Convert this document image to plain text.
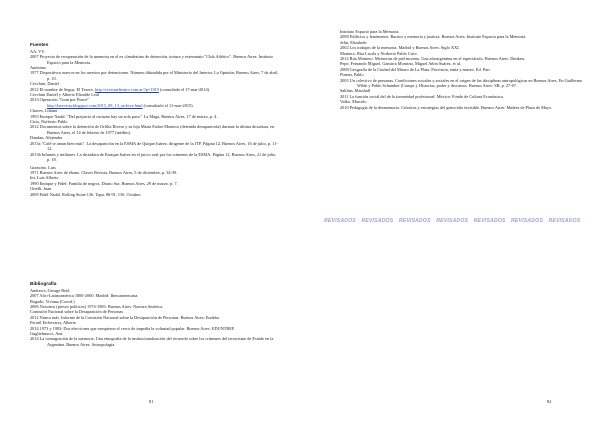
Fuentes
AA. VV.
2007 Proyecto de recuperación de la memoria en el ex clandestino de detención, tortura y exterminio "Club Atlético". Buenos Aires: Instituto Espacio para la Memoria.
Anónimo
1977 Dispositivos nuevos en los arrestos por detenciones. Número difundida por el Ministerio del Interior. La Opinión, Buenos Aires, 7 de abril, p. 10.
Cecchini, Daniel
2012 El nombre de Segua. El Tesoro. http://revistaelteatro.com.ar/?p=1919 (consultado el 17-mar-2014).
Cecchini Daniel y Alberto Elizalde Leal
2013 Operación "Gran por Ponce"
http://larevista.blogspot.com/2013_09_13_archive.html (consultado el 11-mar-2015).
Chaves, Liliana
1993 Enrique Nadal: "Del prejuicio al racismo hay un solo paso". La Maga, Buenos Aires, 17 de marzo, p. 4.
Cirio, Norberto Pablo
2012 Documentos sobre la detención de Orfilia Rivero y su hija María Esther Montero (detenida desaparecida) durante la última dictadura, en Buenos Aires, el 14 de febrero de 1977 (inédito).
Dandan, Alejandra
2013a "Café te aman bien más": La desaparición en la ESMA de Quique Juárez, dirigente de la JTP. Página 12, Buenos Aires, 16 de julio, p. 11-12.
2013b Infames y militares. La dictadura de Enrique Juárez en el juicio oral por los crímenes de la ESMA. Página 12, Buenos Aires, 21 de julio, p. 18.
Grancino, Luis
1971 Buenos Aires de ébano. Claves Revista, Buenos Aires, 5 de diciembre, p. 34-39.
Ini, Luis Alberto
1990 Enrique y Fidel: Familia de negros. Diario Sur, Buenos Aires, 29 de marzo, p. 7.
Ortelli, Juan
2009 Fidel Nadal. Rolling Stone 136. Tapa, 86-91, 136. Octubre.
Bibliografía
Andrews, George Reid
2007 Afro-Latinoamérica 1800-2000. Madrid: Iberoamericana.
Bogado, Viviana (Coord.)
2006 Nosotros (presos políticos) 1974-1983. Buenos Aires: Nuestra América.
Comisión Nacional sobre la Desaparición de Personas
2012 Nunca más. Informe de la Comisión Nacional sobre la Desaparición de Personas. Buenos Aires: Eudeba.
Ferraíl Etchevarry, Alberto
2014 1973 y 1983: Dos elecciones que rompieron el cerco de impedía la voluntad popular. Buenos Aires: EDUNTREF.
Guglielmucci, Ana
2014 La consagración de la memoria. Una etnografía de la institucionalización del recuerdo sobre los crímenes del terrorismo de Estado en la Argentina. Buenos Aires: Antropofagia.
81
Instituto Espacio para la Memoria.
2008 Edificios y fenómenos. Barrios y memoria y justicia. Buenos Aires: Instituto Espacio para la Memoria.
Jelin, Elizabeth
2002 Los trabajos de la memoria. Madrid y Buenos Aires: Siglo XXI.
Montero, Rita Lucila y Norberto Pablo Cirio
2012 Rita Montero. Memorias de piel moreno. Una afroargentina en el espectáculo. Buenos Aires: Dunken.
Pepe, Fernando Miguel, Gamirra Monrino, Miguel Añón Suárez, et al.
2008 Geografía de la Ciudad del Museo de La Plata. Provincia, etnia y museo. Ed. Part.
Pineau, Pablo
2003 Un colectivo de personas. Condiciones sociales y sociales en el origen de las disciplinas antropológicas en Buenos Aires. En Guillermo Wilde y Pablo Schamber (Comps.), Historias, poder y discursos. Buenos Aires: SB, p. 27-67.
Sahlins, Marshall
2011 La función social del de la tomenidad profesional. México: Fondo de Cultura Económica.
Valko, Marcelo
2010 Pedagogía de la desmemoria. Crónicas y estrategias del genocidio invisible. Buenos Aires: Madres de Plaza de Mayo.
REVISADOS REVISADOS REVISADOS REVISADOS REVISADOS REVISADOS REVISADOS
82
